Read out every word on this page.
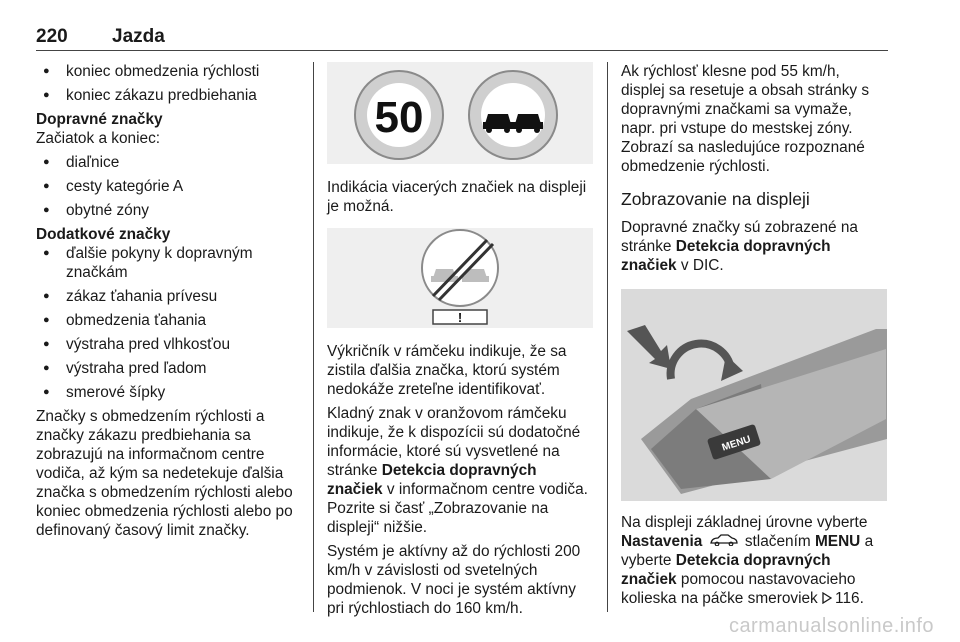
220 Jazda
● koniec obmedzenia rýchlosti
● koniec zákazu predbiehania
Dopravné značky
Začiatok a koniec:
● diaľnice
● cesty kategórie A
● obytné zóny
Dodatkové značky
● ďalšie pokyny k dopravným značkám
● zákaz ťahania prívesu
● obmedzenia ťahania
● výstraha pred vlhkosťou
● výstraha pred ľadom
● smerové šípky

Značky s obmedzením rýchlosti a značky zákazu predbiehania sa zobrazujú na informačnom centre vodiča, až kým sa nedetekuje ďalšia značka s obmedzením rýchlosti alebo koniec obmedzenia rýchlosti alebo po definovaný časový limit značky.

50

Indikácia viacerých značiek na displeji je možná.

!

Výkričník v rámčeku indikuje, že sa zistila ďalšia značka, ktorú systém nedokáže zreteľne identifikovať.

Kladný znak v oranžovom rámčeku indikuje, že k dispozícii sú dodatočné informácie, ktoré sú vysvetlené na stránke Detekcia dopravných značiek v informačnom centre vodiča. Pozrite si časť „Zobrazovanie na displeji“ nižšie.

Systém je aktívny až do rýchlosti 200 km/h v závislosti od svetelných podmienok. V noci je systém aktívny pri rýchlostiach do 160 km/h.

Ak rýchlosť klesne pod 55 km/h, displej sa resetuje a obsah stránky s dopravnými značkami sa vymaže, napr. pri vstupe do mestskej zóny. Zobrazí sa nasledujúce rozpoznané obmedzenie rýchlosti.

Zobrazovanie na displeji

Dopravné značky sú zobrazené na stránke Detekcia dopravných značiek v DIC.

MENU

Na displeji základnej úrovne vyberte Nastavenia  stlačením MENU a vyberte Detekcia dopravných značiek pomocou nastavovacieho kolieska na páčke smeroviek 116.

carmanualsonline.info
